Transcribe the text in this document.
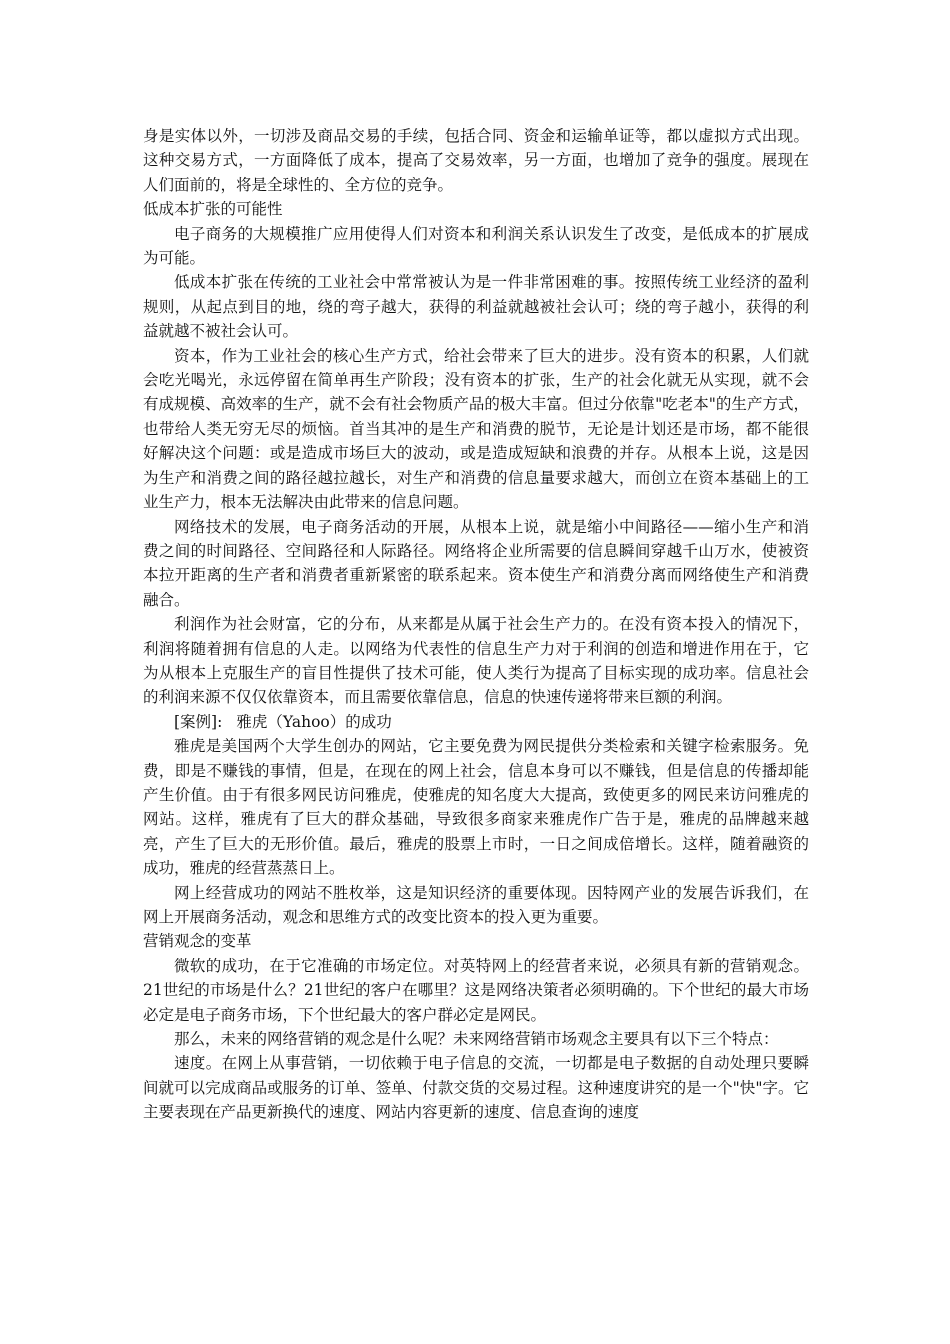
身是实体以外，一切涉及商品交易的手续，包括合同、资金和运输单证等，都以虚拟方式出现。这种交易方式，一方面降低了成本，提高了交易效率，另一方面，也增加了竞争的强度。展现在人们面前的，将是全球性的、全方位的竞争。

低成本扩张的可能性

电子商务的大规模推广应用使得人们对资本和利润关系认识发生了改变，是低成本的扩展成为可能。

低成本扩张在传统的工业社会中常常被认为是一件非常困难的事。按照传统工业经济的盈利规则，从起点到目的地，绕的弯子越大，获得的利益就越被社会认可；绕的弯子越小，获得的利益就越不被社会认可。

资本，作为工业社会的核心生产方式，给社会带来了巨大的进步。没有资本的积累，人们就会吃光喝光，永远停留在简单再生产阶段；没有资本的扩张，生产的社会化就无从实现，就不会有成规模、高效率的生产，就不会有社会物质产品的极大丰富。但过分依靠"吃老本"的生产方式，也带给人类无穷无尽的烦恼。首当其冲的是生产和消费的脱节，无论是计划还是市场，都不能很好解决这个问题：或是造成市场巨大的波动，或是造成短缺和浪费的并存。从根本上说，这是因为生产和消费之间的路径越拉越长，对生产和消费的信息量要求越大，而创立在资本基础上的工业生产力，根本无法解决由此带来的信息问题。

网络技术的发展，电子商务活动的开展，从根本上说，就是缩小中间路径——缩小生产和消费之间的时间路径、空间路径和人际路径。网络将企业所需要的信息瞬间穿越千山万水，使被资本拉开距离的生产者和消费者重新紧密的联系起来。资本使生产和消费分离而网络使生产和消费融合。

利润作为社会财富，它的分布，从来都是从属于社会生产力的。在没有资本投入的情况下，利润将随着拥有信息的人走。以网络为代表性的信息生产力对于利润的创造和增进作用在于，它为从根本上克服生产的盲目性提供了技术可能，使人类行为提高了目标实现的成功率。信息社会的利润来源不仅仅依靠资本，而且需要依靠信息，信息的快速传递将带来巨额的利润。

[案例]: 雅虎（Yahoo）的成功

雅虎是美国两个大学生创办的网站，它主要免费为网民提供分类检索和关键字检索服务。免费，即是不赚钱的事情，但是，在现在的网上社会，信息本身可以不赚钱，但是信息的传播却能产生价值。由于有很多网民访问雅虎，使雅虎的知名度大大提高，致使更多的网民来访问雅虎的网站。这样，雅虎有了巨大的群众基础，导致很多商家来雅虎作广告于是，雅虎的品牌越来越亮，产生了巨大的无形价值。最后，雅虎的股票上市时，一日之间成倍增长。这样，随着融资的成功，雅虎的经营蒸蒸日上。

网上经营成功的网站不胜枚举，这是知识经济的重要体现。因特网产业的发展告诉我们，在网上开展商务活动，观念和思维方式的改变比资本的投入更为重要。

营销观念的变革

微软的成功，在于它准确的市场定位。对英特网上的经营者来说，必须具有新的营销观念。21世纪的市场是什么？21世纪的客户在哪里？这是网络决策者必须明确的。下个世纪的最大市场必定是电子商务市场，下个世纪最大的客户群必定是网民。

那么，未来的网络营销的观念是什么呢？未来网络营销市场观念主要具有以下三个特点：

速度。在网上从事营销，一切依赖于电子信息的交流，一切都是电子数据的自动处理只要瞬间就可以完成商品或服务的订单、签单、付款交货的交易过程。这种速度讲究的是一个"快"字。它主要表现在产品更新换代的速度、网站内容更新的速度、信息查询的速度
